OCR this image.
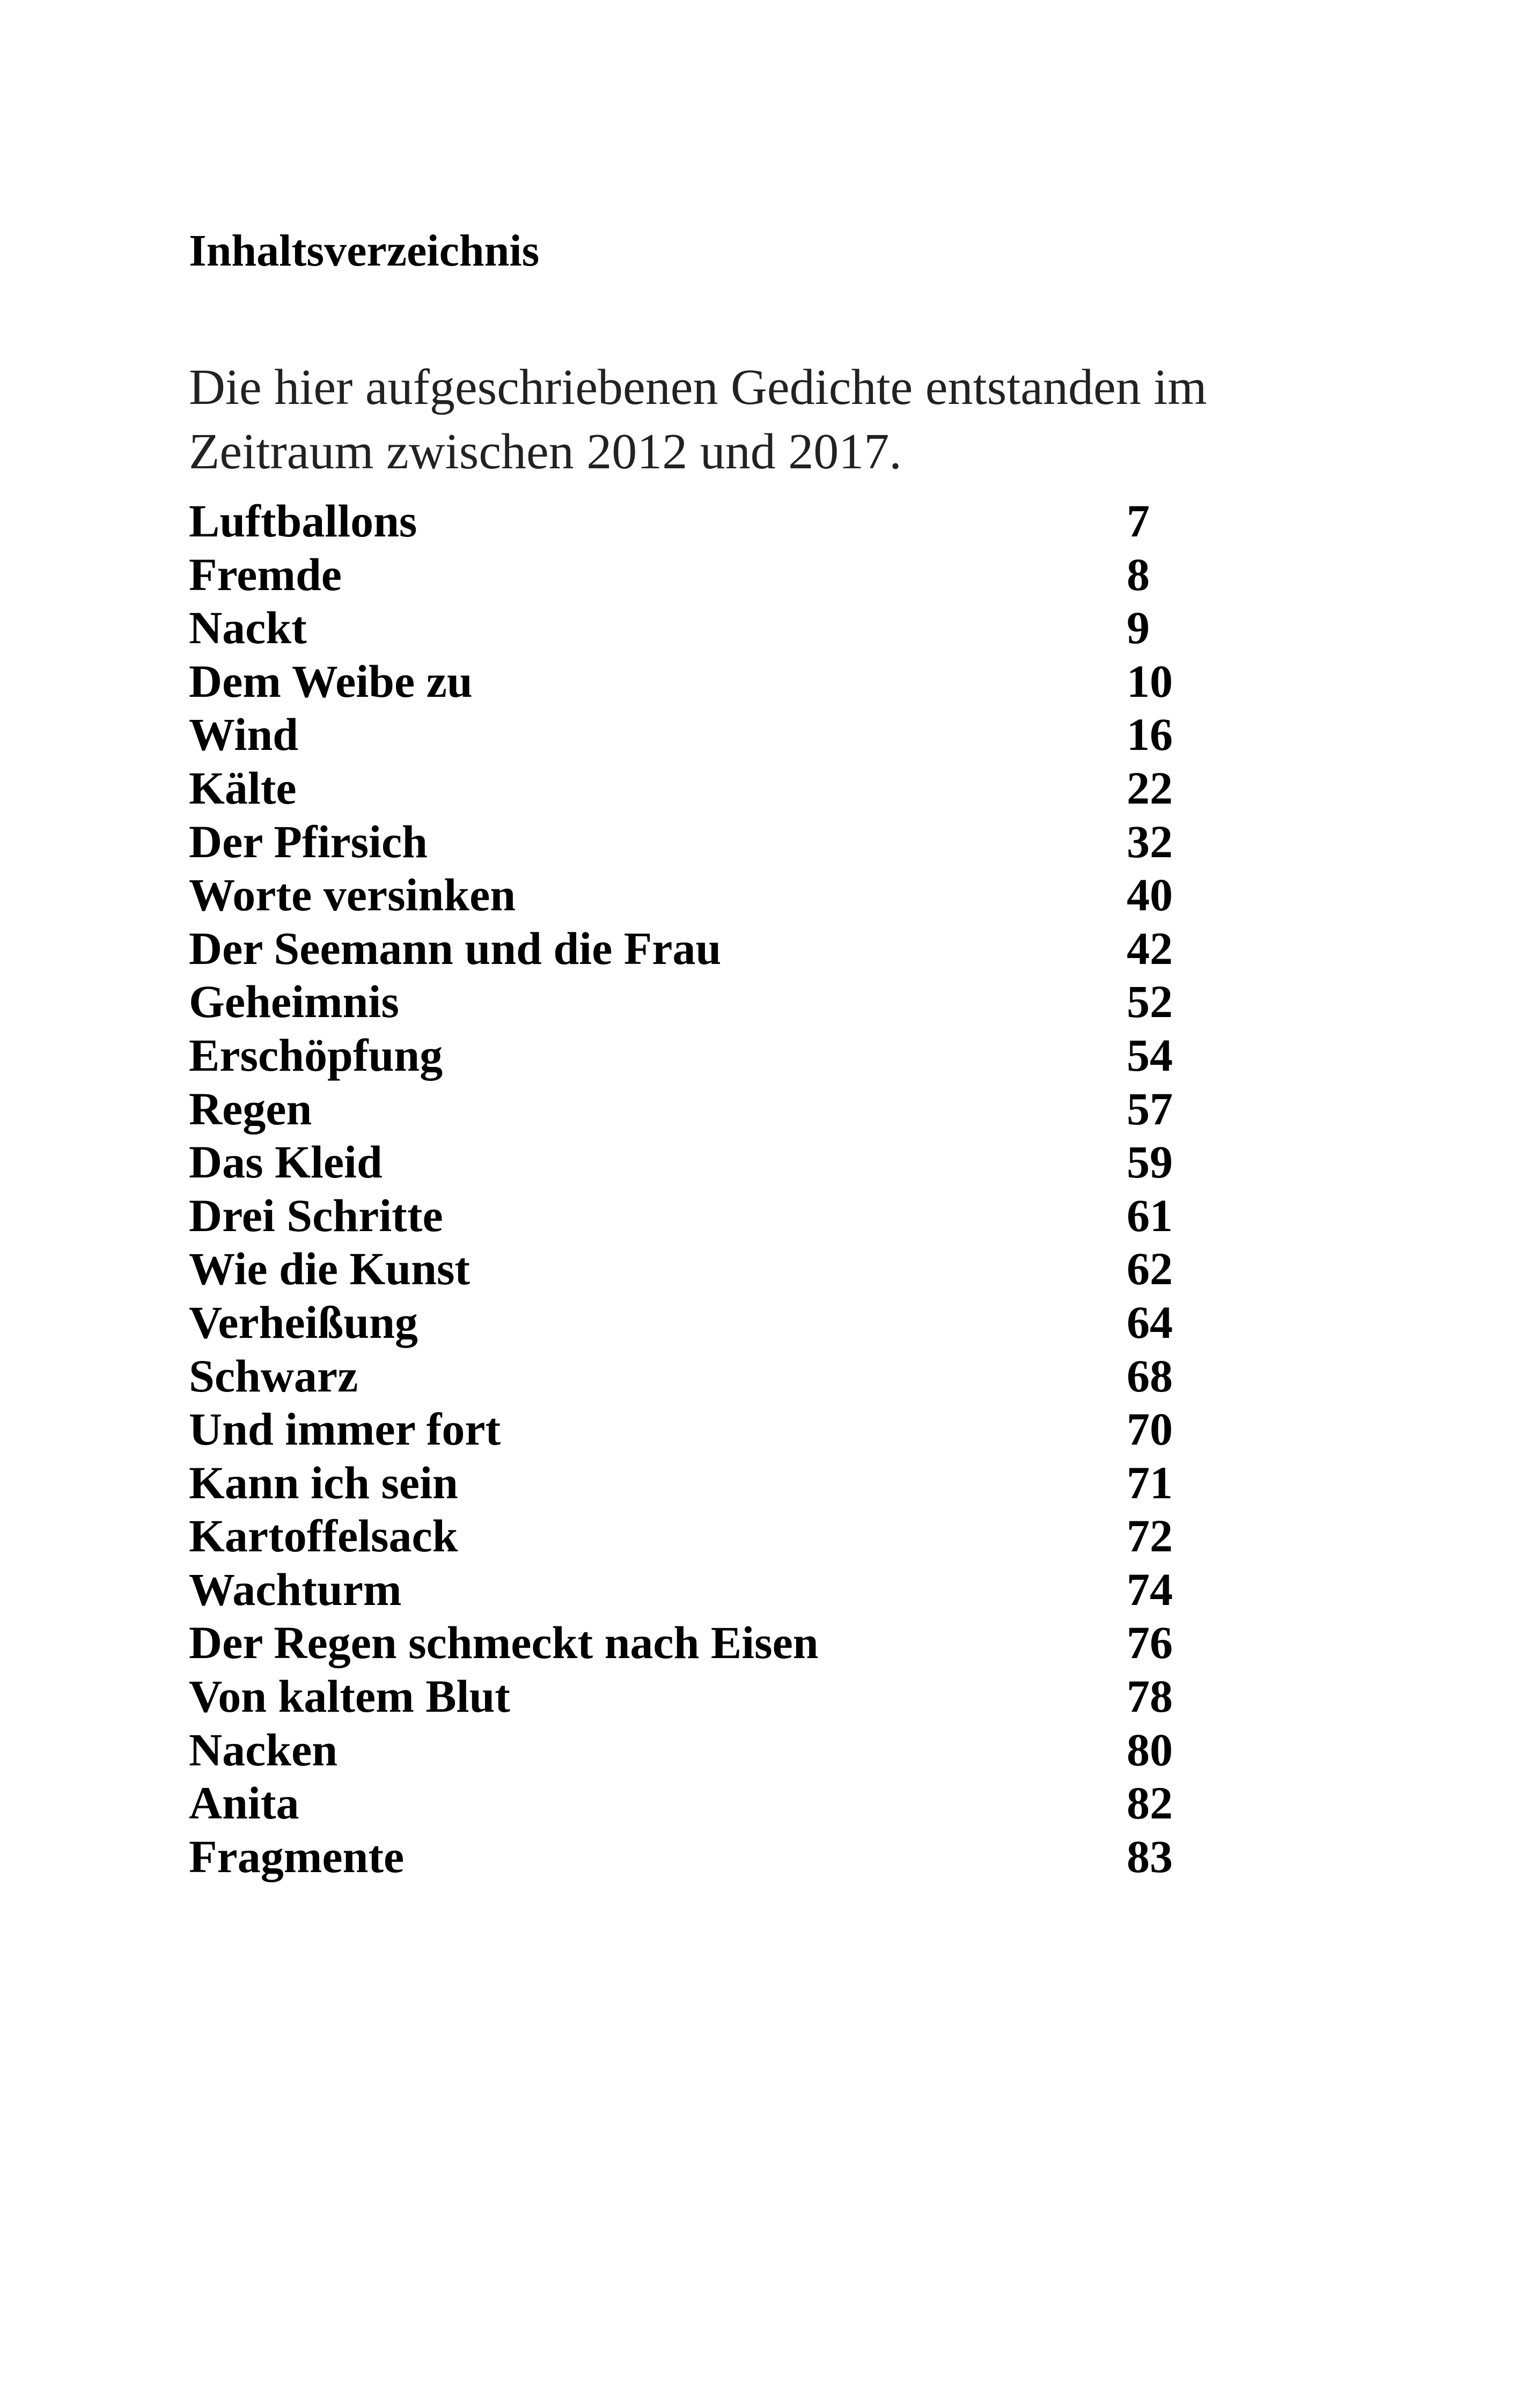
Inhaltsverzeichnis
Die hier aufgeschriebenen Gedichte entstanden im
Zeitraum zwischen 2012 und 2017.
Luftballons	7
Fremde	8
Nackt	9
Dem Weibe zu	10
Wind	16
Kälte	22
Der Pfirsich	32
Worte versinken	40
Der Seemann und die Frau	42
Geheimnis	52
Erschöpfung	54
Regen	57
Das Kleid	59
Drei Schritte	61
Wie die Kunst	62
Verheißung	64
Schwarz	68
Und immer fort	70
Kann ich sein	71
Kartoffelsack	72
Wachturm	74
Der Regen schmeckt nach Eisen	76
Von kaltem Blut	78
Nacken	80
Anita	82
Fragmente	83
